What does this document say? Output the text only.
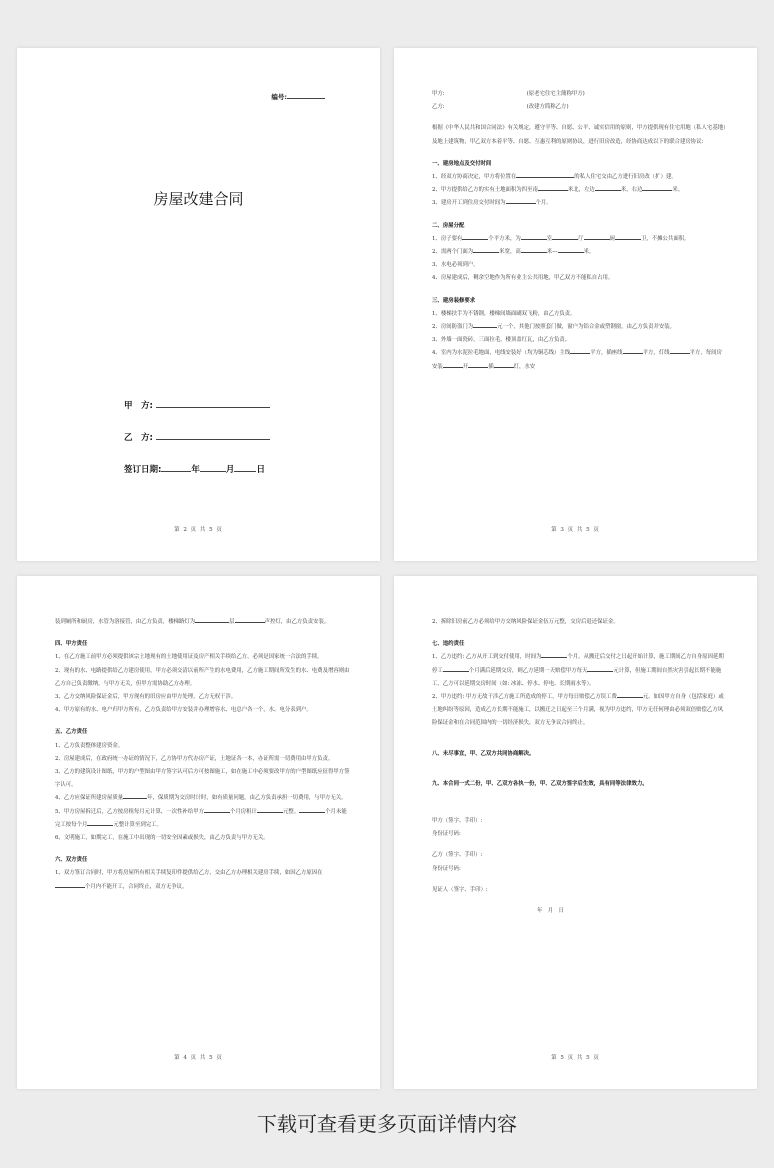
编号:
房屋改建合同
甲　方:
乙　方:
签订日期:	年	月	日
第 2 页 共 5 页

甲方:	(原老宅住宅主簡称甲方)

乙方:	(改建方简称乙方)

根据《中华人民共和国合同法》有关规定，遵守平等、自愿、公平、诚实信用的原则，甲方提供现有住宅用地（私人宅基地）及地上建筑物，甲乙双方本着平等、自愿、互惠互利的原则协议，进行旧房改造，经协商达成以下的联合建房协议:

一、建房地点及交付时间

1、经双方协商决定，甲方将位置在	的私人住宅交由乙方进行旧房改（扩）建。

2、甲方提供给乙方的实有土地面积为四至南	米北，左边	米，右边	米。

3、建房开工到住房交付时间为	个月。

二、房屋分配

1、房子要有	个平方米，为	室	厅	厨	卫，不摊公共面积。

2、需两个门面为	米宽，高	米—	米。

3、水电必须到户。

4、房屋建成后，剩余空地作为所有业主公共用地，甲乙双方不能私自占用。

三、建房装修要求

1、楼梯扶手为不锈钢，楼梯间墙面刷双飞粉，由乙方负责。

2、房间防盗门为	元一个，其他门按照套门做，窗户为铝合金或塑钢窗，由乙方负责并安装。

3、外墙一面瓷砖，三面拉毛，楼顶盖红瓦，由乙方负责。

4、室内为水泥拉毛地面，电线安装好（均为铜芯线）主线	平方，插座线	平方，灯线	平方，每间房安装	开	插	灯，水安

第 3 页 共 5 页

装到厕所和厨房，水管为溶接管，由乙方负责，楼梯路灯为	层	声控灯，由乙方负责安装。

四、甲方责任

1、在乙方施工前甲方必须提供该宗土地现有的土地使用证及房产相关手续给乙方，必须是国家统一合法的手续。

2、现有的水、电路提供给乙方建房使用，甲方必须交清以前所产生的水电费用，乙方施工期间所发生的水、电费及增容则由乙方自己负责缴纳，与甲方无关，但甲方需协助乙方办理。

3、乙方交纳风险保证金后，甲方现有的旧房应由甲方处理，乙方无权干涉。

4、甲方原有的水、电户归甲方所有，乙方负责给甲方安装并办理增容水、电总户各一个，水、电分表到户。

五、乙方责任

1、乙方负责整体建房资金。

2、房屋建成后，在政府统一办证的情况下，乙方协甲方代办房产证，土地证各一本，办证所需一切费用由甲方负责。

3、乙方的建筑设计图纸，甲方的户型图由甲方签字认可后方可按图施工，如在施工中必须要改甲方的户型图纸应征得甲方签字认可。

4、乙方应保证所建房屋质量	年，保质期为交房时计时，如有质量问题，由乙方负责承担一切费用，与甲方无关。

5、甲方房屋拆迁后，乙方按房租每月元计算，一次性补给甲方	个月房租计	元整。	个月未能完工按每个月	元整计算至到完工。

6、文明施工，如期完工，在施工中出现的一切安全因素或损失，由乙方负责与甲方无关。

六、双方责任

1、双方签订合同时，甲方将房屋所有相关手续复印件提供给乙方，交由乙方办理相关建房手续，如因乙方原因在个月内不能开工，合同终止，双方无争议。

第 4 页 共 5 页

2、拆除旧房前乙方必须给甲方交纳风险保证金伍万元整，交房后退还保证金。

七、违约责任

1、乙方违约: 乙方从开工到交付使用，时间为	个月，从搬迁后交付之日起开始计算，施工期间乙方自身原因延期停工	个月满后延期交房，则乙方延期一天赔偿甲方每天	元计算，但施工期间自然灾害引起长期不能施工，乙方可以延期交房时间（如: 冰冻、停水、停电、长期雨水等）。

2、甲方违约: 甲方无故干涉乙方施工所造成的停工，甲方每日赔偿乙方误工费	元。如因甲方自身（包括家庭）或土地纠纷等原因，造成乙方长期不能施工，以搬迁之日起至三个月满，视为甲方违约，甲方无任何理由必须双倍赔偿乙方风险保证金和在合同范围内的一切经济损失，双方无争议合同终止。

八、未尽事宜，甲、乙双方共同协商解决。

九、本合同一式二份，甲、乙双方各执一份，甲、乙双方签字后生效，具有同等法律效力。

甲方（签字、手印）:

身份证号码:

乙方（签字、手印）:

身份证号码:

见证人（签字、手印）:

年　月　日

第 5 页 共 5 页
下载可查看更多页面详情内容
